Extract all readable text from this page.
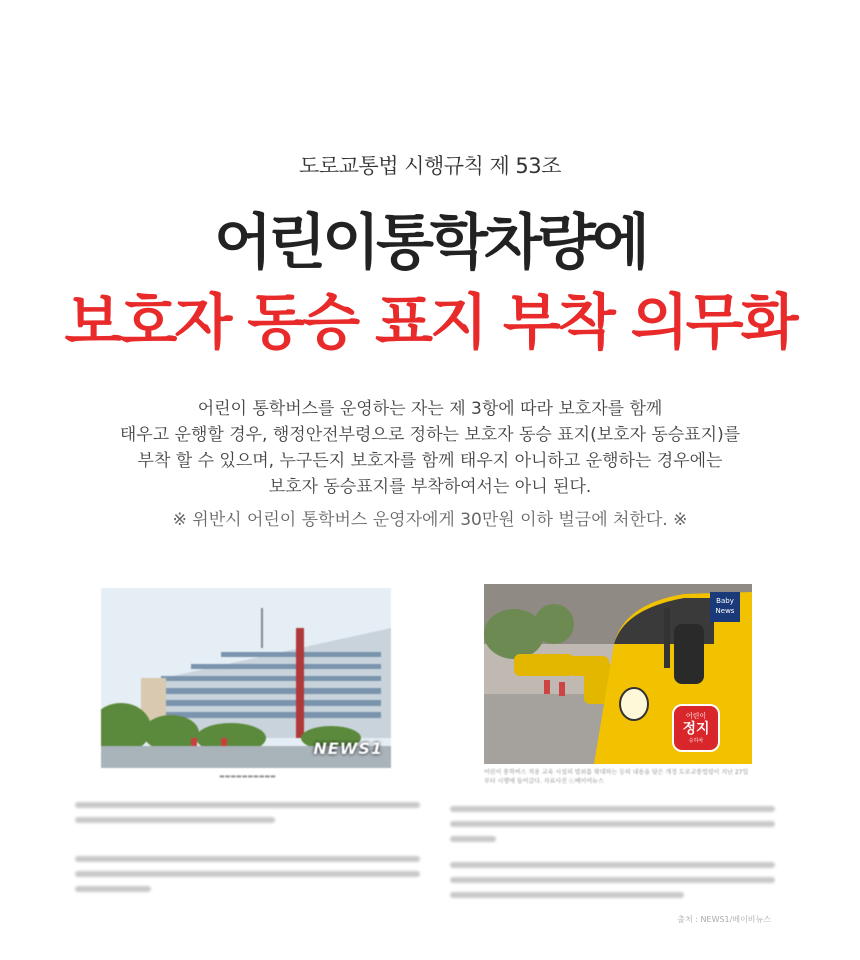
도로교통법 시행규칙 제 53조
어린이통학차량에
보호자 동승 표지 부착 의무화
어린이 통학버스를 운영하는 자는 제 3항에 따라 보호자를 함께
태우고 운행할 경우, 행정안전부령으로 정하는 보호자 동승 표지(보호자 동승표지)를
부착 할 수 있으며, 누구든지 보호자를 함께 태우지 아니하고 운행하는 경우에는
보호자 동승표지를 부착하여서는 아니 된다.
※ 위반시 어린이 통학버스 운영자에게 30만원 이하 벌금에 처한다. ※
NEWS1
▬▬▬▬▬▬▬▬▬▬
Baby News
어린이
정지
승하차
어린이 통학버스 적용 교육 시설의 범위를 확대하는 등의 내용을 담은 개정 도로교통법령이 지난 27일부터 시행에 들어갔다. 자료사진 ⓒ베이비뉴스
출처 : NEWS1/베이비뉴스
